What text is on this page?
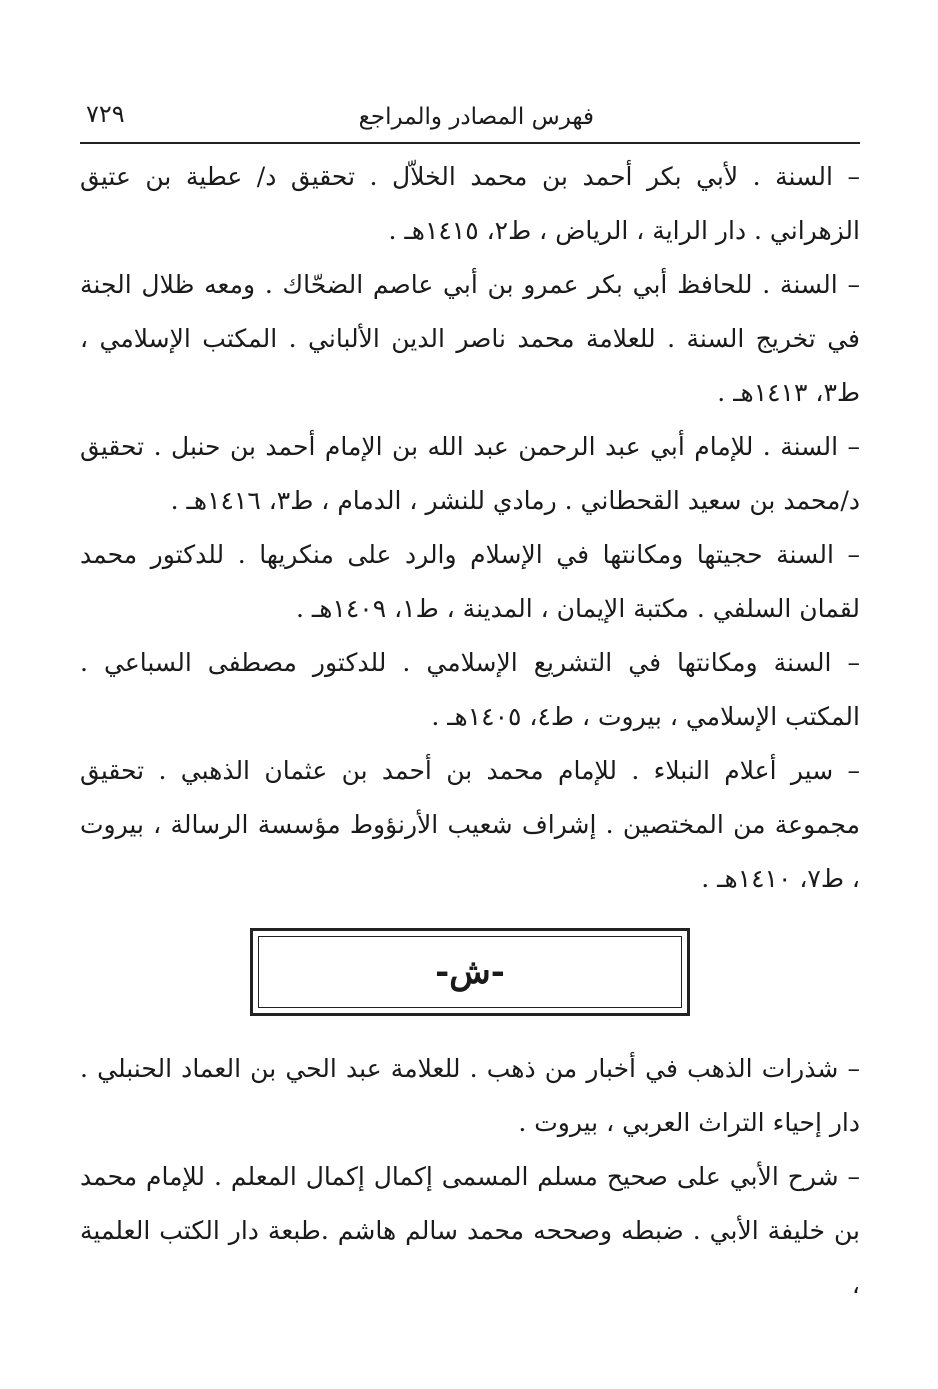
٧٢٩	فهرس المصادر والمراجع

– السنة . لأبي بكر أحمد بن محمد الخلاّل . تحقيق د/ عطية بن عتيق الزهراني . دار الراية ، الرياض ، ط٢، ١٤١٥هـ .

– السنة . للحافظ أبي بكر عمرو بن أبي عاصم الضحّاك . ومعه ظلال الجنة في تخريج السنة . للعلامة محمد ناصر الدين الألباني . المكتب الإسلامي ، ط٣، ١٤١٣هـ .

– السنة . للإمام أبي عبد الرحمن عبد الله بن الإمام أحمد بن حنبل . تحقيق د/محمد بن سعيد القحطاني . رمادي للنشر ، الدمام ، ط٣، ١٤١٦هـ .

– السنة حجيتها ومكانتها في الإسلام والرد على منكريها . للدكتور محمد لقمان السلفي . مكتبة الإيمان ، المدينة ، ط١، ١٤٠٩هـ .

– السنة ومكانتها في التشريع الإسلامي . للدكتور مصطفى السباعي . المكتب الإسلامي ، بيروت ، ط٤، ١٤٠٥هـ .

– سير أعلام النبلاء . للإمام محمد بن أحمد بن عثمان الذهبي . تحقيق مجموعة من المختصين . إشراف شعيب الأرنؤوط مؤسسة الرسالة ، بيروت ، ط٧، ١٤١٠هـ .

-ش-

– شذرات الذهب في أخبار من ذهب . للعلامة عبد الحي بن العماد الحنبلي . دار إحياء التراث العربي ، بيروت .

– شرح الأبي على صحيح مسلم المسمى إكمال إكمال المعلم . للإمام محمد بن خليفة الأبي . ضبطه وصححه محمد سالم هاشم .طبعة دار الكتب العلمية ،
